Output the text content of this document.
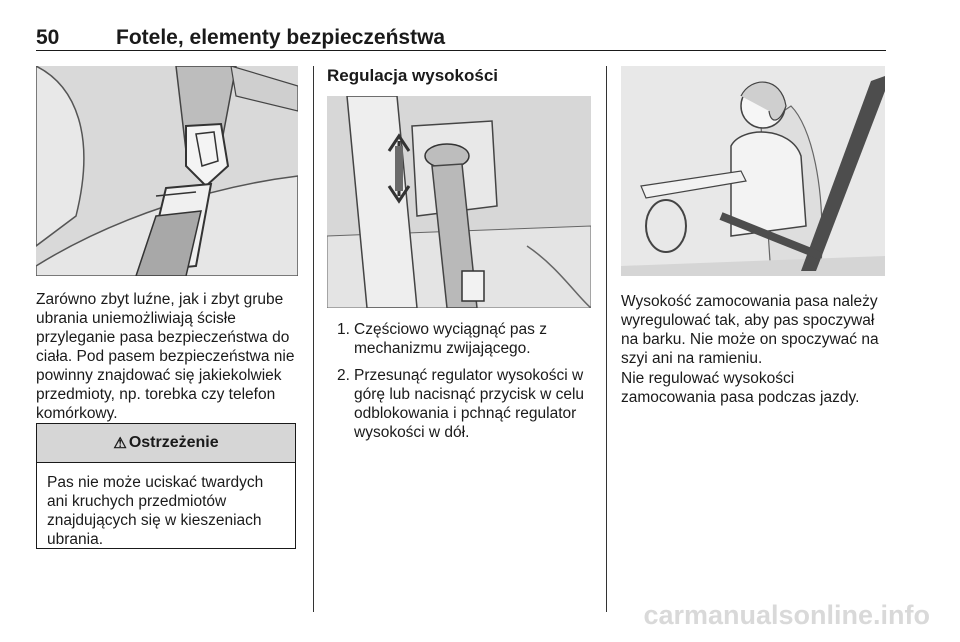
50	Fotele, elementy bezpieczeństwa

Zarówno zbyt luźne, jak i zbyt grube ubrania uniemożliwiają ścisłe przyleganie pasa bezpieczeństwa do ciała. Pod pasem bezpieczeństwa nie powinny znajdować się jakiekolwiek przedmioty, np. torebka czy telefon komórkowy.

⚠ Ostrzeżenie
Pas nie może uciskać twardych ani kruchych przedmiotów znajdujących się w kieszeniach ubrania.
Regulacja wysokości
1. Częściowo wyciągnąć pas z mechanizmu zwijającego.
2. Przesunąć regulator wysokości w górę lub nacisnąć przycisk w celu odblokowania i pchnąć regulator wysokości w dół.

Wysokość zamocowania pasa należy wyregulować tak, aby pas spoczywał na barku. Nie może on spoczywać na szyi ani na ramieniu.

Nie regulować wysokości zamocowania pasa podczas jazdy.

carmanualsonline.info
